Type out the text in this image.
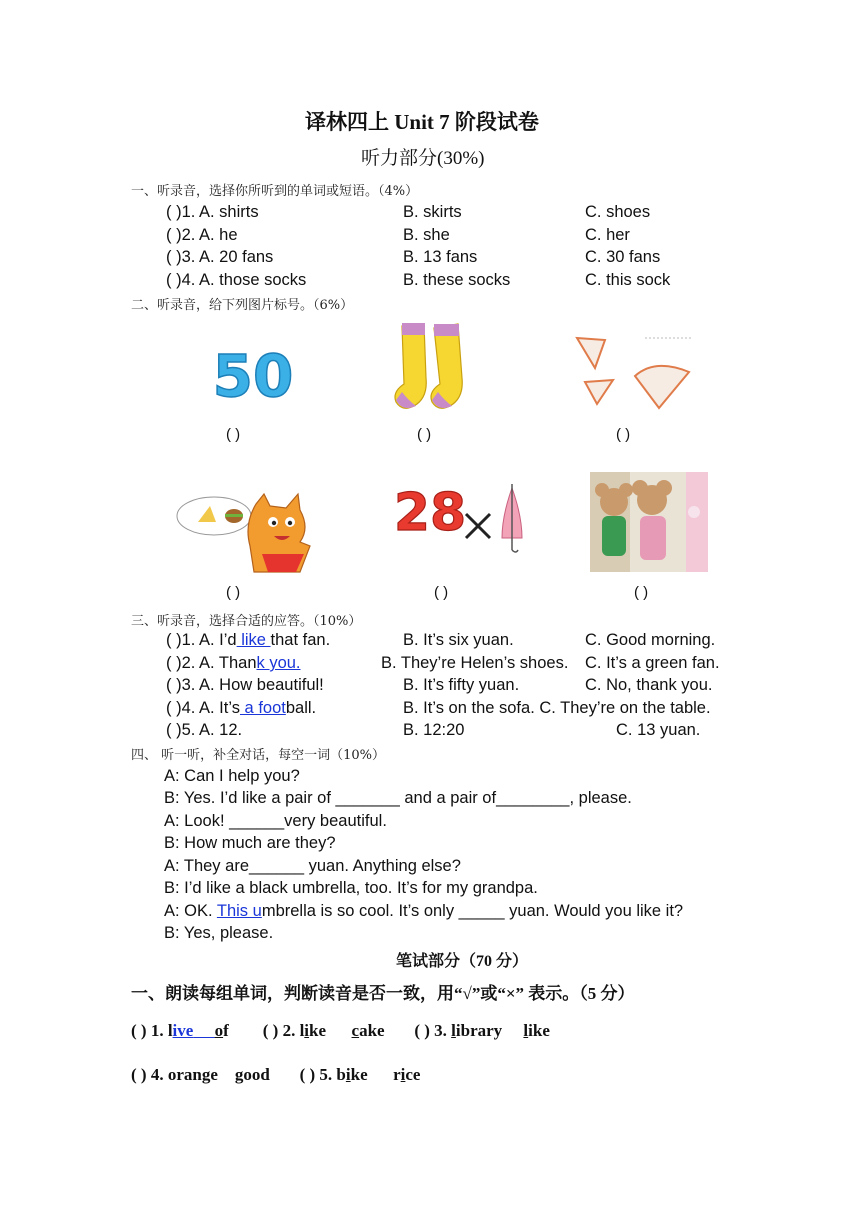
译林四上 Unit 7 阶段试卷
听力部分(30%)
一、听录音，选择你所听到的单词或短语。（4%）
( )1. A. shirts	B. skirts	C. shoes
( )2. A. he	B. she	C. her
( )3. A. 20 fans	B. 13 fans	C. 30 fans
( )4. A. those socks	B. these socks	C. this sock
二、听录音，给下列图片标号。（6%）
50
( )	( )	( )
( )
28
( )	( )
三、听录音，选择合适的应答。（10%）
( )1. A. I’d like that fan.	B. It’s six yuan.	C. Good morning.
( )2. A. Thank you.	B. They’re Helen’s shoes. C. It’s a green fan.
( )3. A. How beautiful!	B. It’s fifty yuan.	C. No, thank you.
( )4. A. It’s a football.	B. It’s on the sofa. C. They’re on the table.
( )5. A. 12.	B. 12:20	C. 13 yuan.
四、 听一听，补全对话，每空一词（10%）
A: Can I help you?
B: Yes. I’d like a pair of _______ and a pair of________, please.
A: Look! ______very beautiful.
B: How much are they?
A: They are______ yuan. Anything else?
B: I’d like a black umbrella, too. It’s for my grandpa.
A: OK. This umbrella is so cool. It’s only _____ yuan. Would you like it?
B: Yes, please.
笔试部分（70 分）
一、朗读每组单词，判断读音是否一致，用“√”或“×” 表示。（5 分）
( ) 1. live of ( ) 2. like cake ( ) 3. library like
( ) 4. orange good ( ) 5. bike rice
